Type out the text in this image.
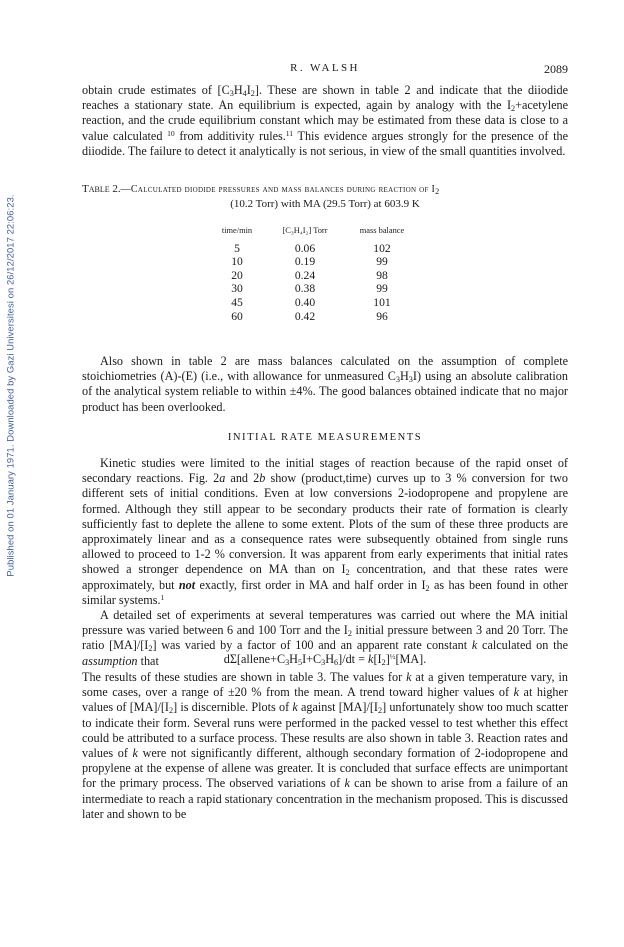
Published on 01 January 1971. Downloaded by Gazi Universitesi on 26/12/2017 22:06:23.
R. WALSH	2089

obtain crude estimates of $[C_3H_4I_2]$. These are shown in table 2 and indicate that the diiodide reaches a stationary state. An equilibrium is expected, again by analogy with the $I_2+acetylene$ reaction, and the crude equilibrium constant which may be estimated from these data is close to a value calculated $^{10}$ from additivity rules.$^{11}$ This evidence argues strongly for the presence of the diiodide. The failure to detect it analytically is not serious, in view of the small quantities involved.

Table 2.—Calculated diodide pressures and mass balances during reaction of $I_2$
(10.2 Torr) with MA (29.5 Torr) at 603.9 K
time/min	[C₃H₄I₂] Torr	mass balance
5	0.06	102
10	0.19	99
20	0.24	98
30	0.38	99
45	0.40	101
60	0.42	96

Also shown in table 2 are mass balances calculated on the assumption of complete stoichiometries (A)-(E) (i.e., with allowance for unmeasured $C_3H_3I$) using an absolute calibration of the analytical system reliable to within ±4%. The good balances obtained indicate that no major product has been overlooked.

INITIAL RATE MEASUREMENTS

Kinetic studies were limited to the initial stages of reaction because of the rapid onset of secondary reactions. Fig. 2a and 2b show (product,time) curves up to 3 % conversion for two different sets of initial conditions. Even at low conversions 2-iodopropene and propylene are formed. Although they still appear to be secondary products their rate of formation is clearly sufficiently fast to deplete the allene to some extent. Plots of the sum of these three products are approximately linear and as a consequence rates were subsequently obtained from single runs allowed to proceed to 1-2 % conversion. It was apparent from early experiments that initial rates showed a stronger dependence on MA than on $I_2$ concentration, and that these rates were approximately, but not exactly, first order in MA and half order in $I_2$ as has been found in other similar systems.$^1$

A detailed set of experiments at several temperatures was carried out where the MA initial pressure was varied between 6 and 100 Torr and the $I_2$ initial pressure between 3 and 20 Torr. The ratio $[MA]/[I_2]$ was varied by a factor of 100 and an apparent rate constant k calculated on the assumption that	$d\Sigma[allene+C_3H_5I+C_3H_6]/dt = k[I_2]^{\frac{1}{2}}[MA]$.

The results of these studies are shown in table 3. The values for k at a given temperature vary, in some cases, over a range of ±20 % from the mean. A trend toward higher values of k at higher values of $[MA]/[I_2]$ is discernible. Plots of k against $[MA]/[I_2]$ unfortunately show too much scatter to indicate their form. Several runs were performed in the packed vessel to test whether this effect could be attributed to a surface process. These results are also shown in table 3. Reaction rates and values of k were not significantly different, although secondary formation of 2-iodopropene and propylene at the expense of allene was greater. It is concluded that surface effects are unimportant for the primary process. The observed variations of k can be shown to arise from a failure of an intermediate to reach a rapid stationary concentration in the mechanism proposed. This is discussed later and shown to be
